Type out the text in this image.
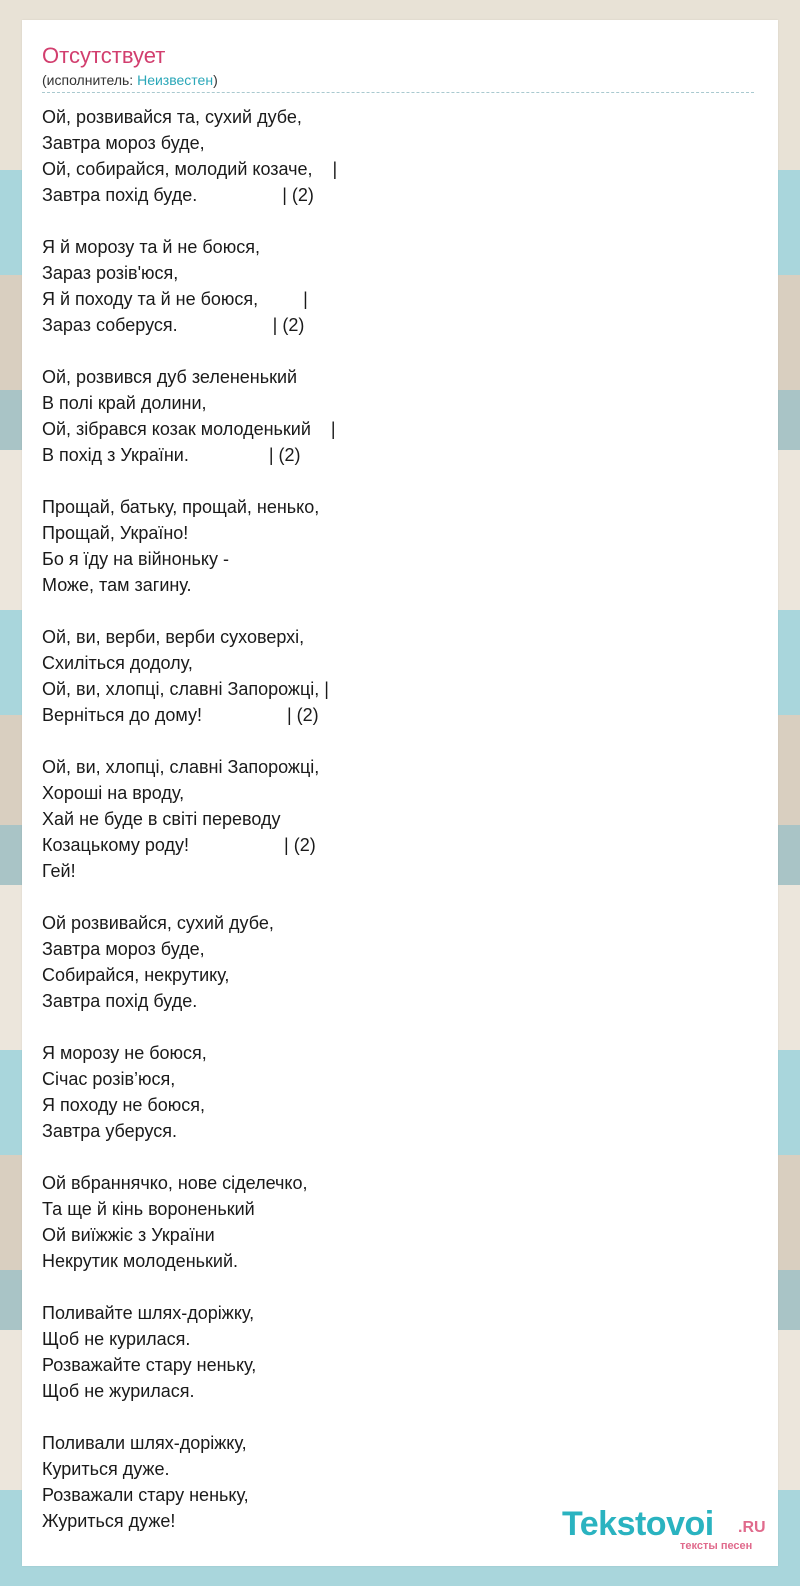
Отсутствует
(исполнитель: Неизвестен)
Ой, розвивайся та, сухий дубе,
Завтра мороз буде,
Ой, собирайся, молодий козаче,    |
Завтра похід буде.                 | (2)
Я й морозу та й не боюся,
Зараз розів'юся,
Я й походу та й не боюся,         |
Зараз соберуся.                   | (2)
Ой, розвився дуб зелененький
В полі край долини,
Ой, зібрався козак молоденький    |
В похід з України.                | (2)
Прощай, батьку, прощай, ненько,
Прощай, Україно!
Бо я їду на війноньку -
Може, там загину.
Ой, ви, верби, верби суховерхі,
Схиліться додолу,
Ой, ви, хлопці, славні Запорожці, |
Верніться до дому!                 | (2)
Ой, ви, хлопці, славні Запорожці,
Хороші на вроду,
Хай не буде в світі переводу
Козацькому роду!                   | (2)
Гей!
Ой розвивайся, сухий дубе,
Завтра мороз буде,
Собирайся, некрутику,
Завтра похід буде.
Я морозу не боюся,
Січас розів’юся,
Я походу не боюся,
Завтра уберуся.
Ой вбраннячко, нове сіделечко,
Та ще й кінь вороненький
Ой виїжжіє з України
Некрутик молоденький.
Поливайте шлях-доріжку,
Щоб не курилася.
Розважайте стару неньку,
Щоб не журилася.
Поливали шлях-доріжку,
Куриться дуже.
Розважали стару неньку,
Журиться дуже!	Tekstovoi .RU
тексты песен
